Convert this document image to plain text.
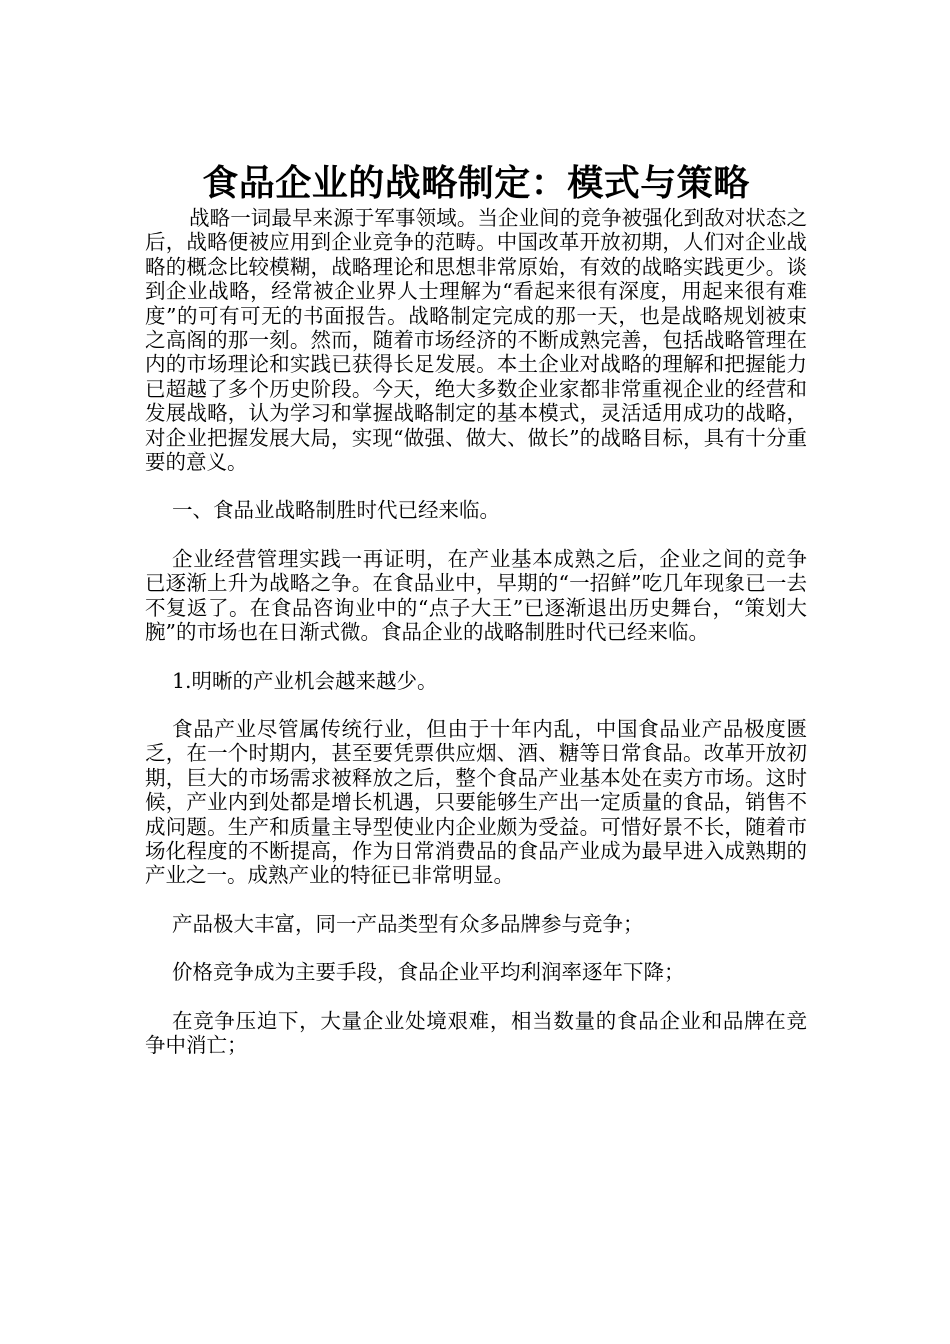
食品企业的战略制定：模式与策略

战略一词最早来源于军事领域。当企业间的竞争被强化到敌对状态之后，战略便被应用到企业竞争的范畴。中国改革开放初期，人们对企业战略的概念比较模糊，战略理论和思想非常原始，有效的战略实践更少。谈到企业战略，经常被企业界人士理解为“看起来很有深度，用起来很有难度”的可有可无的书面报告。战略制定完成的那一天，也是战略规划被束之高阁的那一刻。然而，随着市场经济的不断成熟完善，包括战略管理在内的市场理论和实践已获得长足发展。本土企业对战略的理解和把握能力已超越了多个历史阶段。今天，绝大多数企业家都非常重视企业的经营和发展战略，认为学习和掌握战略制定的基本模式，灵活适用成功的战略，对企业把握发展大局，实现“做强、做大、做长”的战略目标，具有十分重要的意义。

一、食品业战略制胜时代已经来临。

企业经营管理实践一再证明，在产业基本成熟之后，企业之间的竞争已逐渐上升为战略之争。在食品业中，早期的“一招鲜”吃几年现象已一去不复返了。在食品咨询业中的“点子大王”已逐渐退出历史舞台，“策划大腕”的市场也在日渐式微。食品企业的战略制胜时代已经来临。

1.明晰的产业机会越来越少。

食品产业尽管属传统行业，但由于十年内乱，中国食品业产品极度匮乏，在一个时期内，甚至要凭票供应烟、酒、糖等日常食品。改革开放初期，巨大的市场需求被释放之后，整个食品产业基本处在卖方市场。这时候，产业内到处都是增长机遇，只要能够生产出一定质量的食品，销售不成问题。生产和质量主导型使业内企业颇为受益。可惜好景不长，随着市场化程度的不断提高，作为日常消费品的食品产业成为最早进入成熟期的产业之一。成熟产业的特征已非常明显。

产品极大丰富，同一产品类型有众多品牌参与竞争；

价格竞争成为主要手段，食品企业平均利润率逐年下降；

在竞争压迫下，大量企业处境艰难，相当数量的食品企业和品牌在竞争中消亡；
